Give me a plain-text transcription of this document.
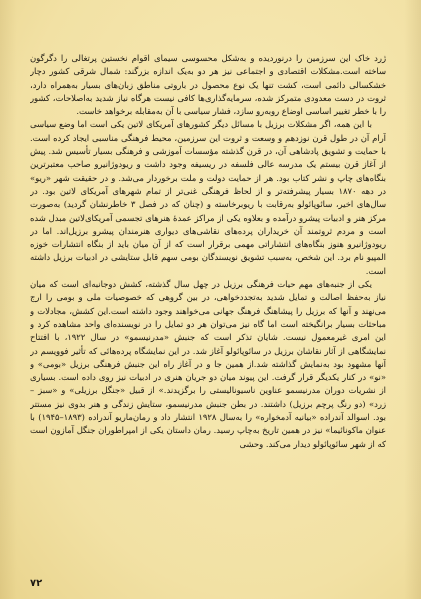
ژرد خاک این سرزمین را درنوردیده و به‌شکل محسوسی سیمای اقوام نخستین پرتغالی را دگرگون ساخته است.مشکلات اقتصادی و اجتماعی نیز هر دو به‌یک اندازه بزرگند: شمال شرقی کشور دچار خشکسالی دائمی است، کشت تنها یک نوع محصول در باروتی مناطق زبان‌های بسیار به‌همراه دارد، ثروت در دست معدودی متمرکز شده، سرمایه‌گذاری‌ها کافی نیست هرگاه نیاز شدید به‌اصلاحات، کشور را با خطر تغییر اساسی اوضاع روبه‌رو سازد، فشار سیاسی با آن به‌مقابله برخواهد خاست.

با این همه، اگر مشکلات برزیل با مسائل دیگر کشورهای آمریکای لاتین یکی است اما وضع سیاسی آرام آن در طول قرن نوزدهم و وسعت و ثروت این سرزمین، محیط فرهنگی مناسبی ایجاد کرده است. با حمایت و تشویق پادشاهی آن، در قرن گذشته مؤسسات آموزشی و فرهنگی بسیار تأسیس شد. پیش از آغاز قرن بیستم یک مدرسه عالی فلسفه در ریسیفه وجود داشت و ریودوژانیرو صاحب معتبرترین بنگاه‌های چاپ و نشر کتاب بود. هر از حمایت دولت و ملت برخوردار می‌شد. و در حقیقت شهر «ریو» در دهه ۱۸۷۰ بسیار پیشرفته‌تر و از لحاظ فرهنگی غنی‌تر از تمام شهرهای آمریکای لاتین بود. در سال‌های اخیر، سائوپائولو به‌رقابت با ریوبرخاسته و (چنان که در فصل ۳ خاطرنشان گردید) به‌صورت مرکز هنر و ادبیات پیشرو درآمده و بعلاوه یکی از مراکز عمدهٔ هنرهای تجسمی آمریکای‌لاتین مبدل شده است و مردم ثروتمند آن خریداران پرده‌های نقاشی‌های دیواری هنرمندان پیشرو برزیل‌اند. اما در ریودوژانیرو هنوز بنگاه‌های انتشاراتی مهمی برقرار است که از آن میان باید از بنگاه انتشارات خوزه المپیو نام برد. این شخص، به‌سبب تشویق نویسندگان بومی سهم قابل ستایشی در ادبیات برزیل داشته است.

یکی از جنبه‌های مهم حیات فرهنگی برزیل در چهل سال گذشته، کشش دوجانبه‌ای است که میان نیاز به‌حفظ اصالت و تمایل شدید به‌تجددخواهی، در بین گروهی که خصوصیات ملی و بومی را ارج می‌نهند و آنها که برزیل را پیشاهنگ فرهنگ جهانی می‌خواهند وجود داشته است.این کشش، مجادلات و مباحثات بسیار برانگیخته است اما گاه نیز می‌توان هر دو تمایل را در نویسنده‌ای واحد مشاهده کرد و این امری غیرمعمول نیست. شایان تذکر است که جنبش «مدرنیسمو» در سال ۱۹۲۲، با افتتاح نمایشگاهی از آثار نقاشان برزیل در سائوپائولو آغاز شد. در این نمایشگاه پرده‌هائی که تأثیر فوویسم در آنها مشهود بود به‌نمایش گذاشته شد.از همین جا و در آغاز راه این جنبش فرهنگی برزیل «بومی» و «نو» در کنار یکدیگر قرار گرفت. این پیوند میان دو جریان هنری در ادبیات نیز روی داده است. بسیاری از نشریات دوران مدرنیسمو عناوین ناسیونالیستی را برگزیدند.» از قبیل «جنگل برزیلی» و «سبز – زرد» (دو رنگ پرچم برزیل) داشتند. در بطن جنبش مدرنیسمو، ستایش زندگی و هنر بدوی نیز مستتر بود. اسوالد آندراده «بیانیه آدمخواره» را به‌سال ۱۹۲۸ انتشار داد و رمان‌ماریو آندراده (۱۸۹۳–۱۹۴۵) با عنوان ماکونائیما» نیز در همین تاریخ به‌چاپ رسید. رمان داستان یکی از امپراطوران جنگل آمازون است که از شهر سائوپائولو دیدار می‌کند. وحشی

۷۲
